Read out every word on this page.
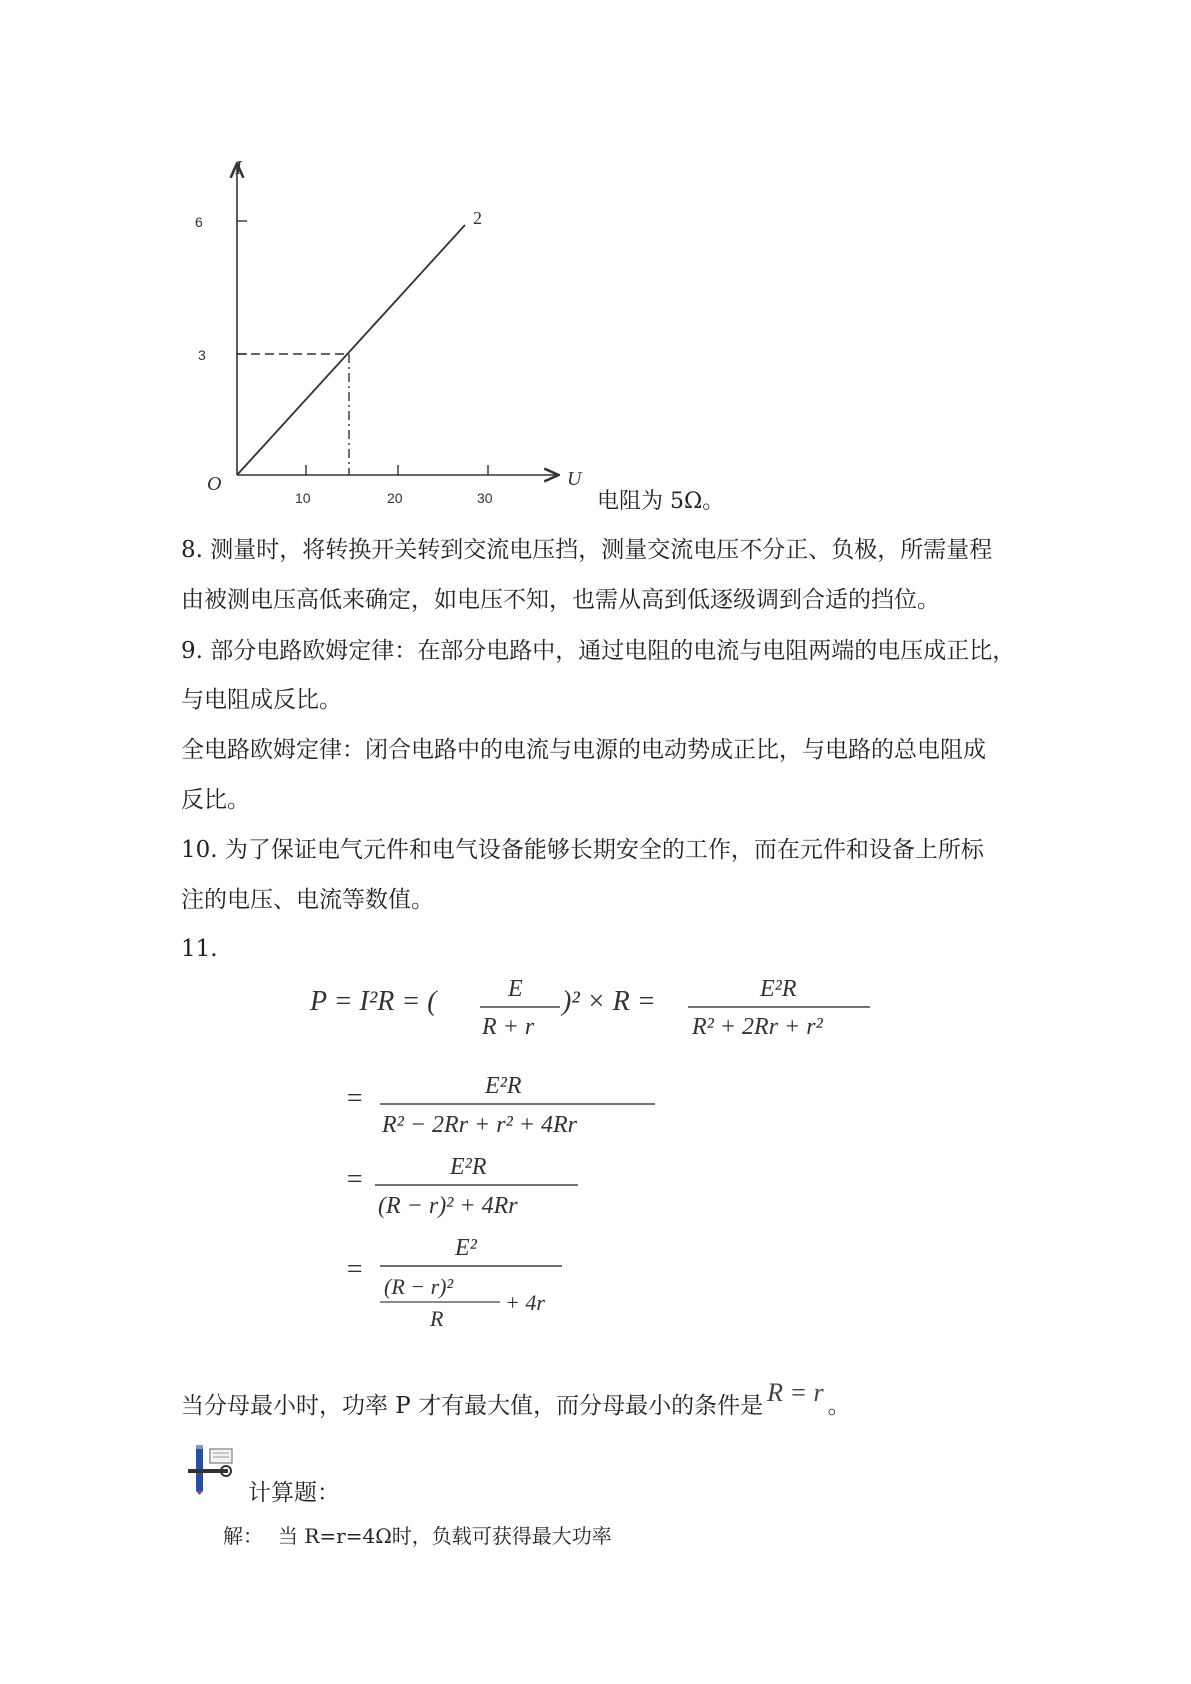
I
U
O
2
6
3
10	20	30	电阻为 5Ω。
8. 测量时，将转换开关转到交流电压挡，测量交流电压不分正、负极，所需量程
由被测电压高低来确定，如电压不知，也需从高到低逐级调到合适的挡位。
9. 部分电路欧姆定律：在部分电路中，通过电阻的电流与电阻两端的电压成正比，
与电阻成反比。
全电路欧姆定律：闭合电路中的电流与电源的电动势成正比，与电路的总电阻成
反比。
10. 为了保证电气元件和电气设备能够长期安全的工作，而在元件和设备上所标
注的电压、电流等数值。
11.
P = I²R = (	E
R + r
)² × R =	E²R
R² + 2Rr + r²
=	E²R
R² − 2Rr + r² + 4Rr
=	E²R
(R − r)² + 4Rr
=
E²
(R − r)²
R
+ 4r
当分母最小时，功率 P 才有最大值，而分母最小的条件是 R = r 。
计算题：
解： 当 R=r=4Ω时，负载可获得最大功率
